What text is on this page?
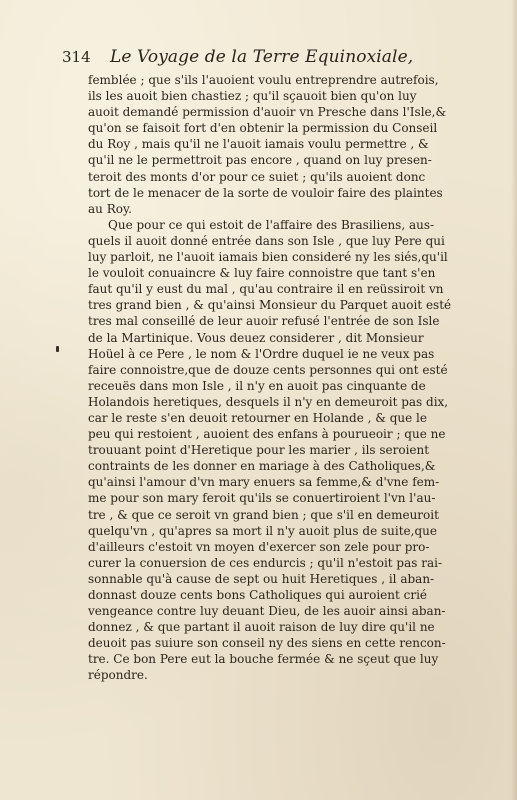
314 Le Voyage de la Terre Equinoxiale,
femblée ; que s'ils l'auoient voulu entreprendre autrefois,
ils les auoit bien chastiez ; qu'il sçauoit bien qu'on luy
auoit demandé permission d'auoir vn Presche dans l'Isle,&
qu'on se faisoit fort d'en obtenir la permission du Conseil
du Roy , mais qu'il ne l'auoit iamais voulu permettre , &
qu'il ne le permettroit pas encore , quand on luy presen-
teroit des monts d'or pour ce suiet ; qu'ils auoient donc
tort de le menacer de la sorte de vouloir faire des plaintes
au Roy.
Que pour ce qui estoit de l'affaire des Brasiliens, aus-
quels il auoit donné entrée dans son Isle , que luy Pere qui
luy parloit, ne l'auoit iamais bien consideré ny les siés,qu'il
le vouloit conuaincre & luy faire connoistre que tant s'en
faut qu'il y eust du mal , qu'au contraire il en reüssiroit vn
tres grand bien , & qu'ainsi Monsieur du Parquet auoit esté
tres mal conseillé de leur auoir refusé l'entrée de son Isle
de la Martinique. Vous deuez considerer , dit Monsieur
Hoüel à ce Pere , le nom & l'Ordre duquel ie ne veux pas
faire connoistre,que de douze cents personnes qui ont esté
receuës dans mon Isle , il n'y en auoit pas cinquante de
Holandois heretiques, desquels il n'y en demeuroit pas dix,
car le reste s'en deuoit retourner en Holande , & que le
peu qui restoient , auoient des enfans à pourueoir ; que ne
trouuant point d'Heretique pour les marier , ils seroient
contraints de les donner en mariage à des Catholiques,&
qu'ainsi l'amour d'vn mary enuers sa femme,& d'vne fem-
me pour son mary feroit qu'ils se conuertiroient l'vn l'au-
tre , & que ce seroit vn grand bien ; que s'il en demeuroit
quelqu'vn , qu'apres sa mort il n'y auoit plus de suite,que
d'ailleurs c'estoit vn moyen d'exercer son zele pour pro-
curer la conuersion de ces endurcis ; qu'il n'estoit pas rai-
sonnable qu'à cause de sept ou huit Heretiques , il aban-
donnast douze cents bons Catholiques qui auroient crié
vengeance contre luy deuant Dieu, de les auoir ainsi aban-
donnez , & que partant il auoit raison de luy dire qu'il ne
deuoit pas suiure son conseil ny des siens en cette rencon-
tre. Ce bon Pere eut la bouche fermée & ne sçeut que luy
répondre.
